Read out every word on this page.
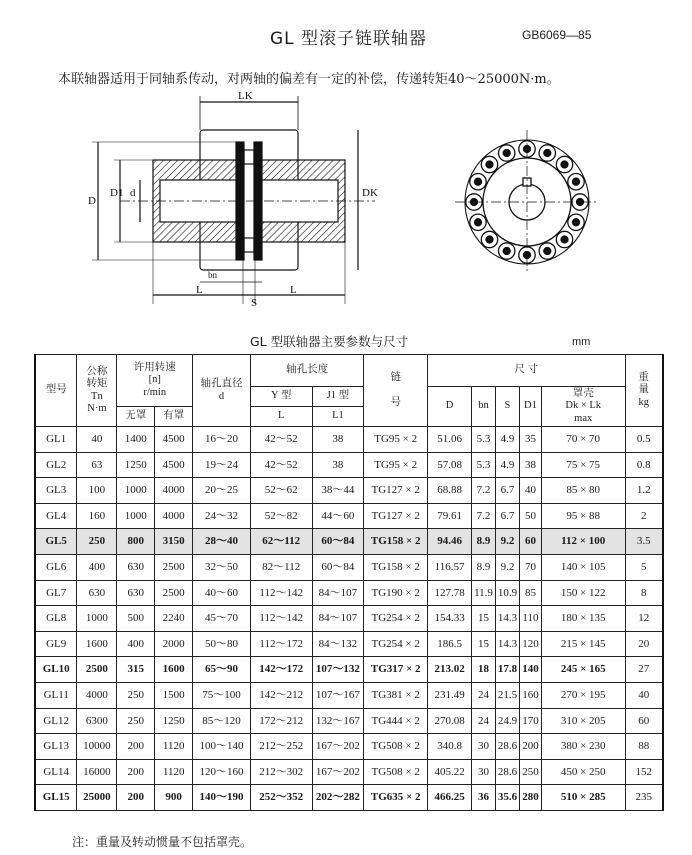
GL 型滚子链联轴器	GB6069—85
本联轴器适用于同轴系传动，对两轴的偏差有一定的补偿，传递转矩40～25000N·m。
LK
D
D1 d	DK
bn
L
S
L
GL 型联轴器主要参数与尺寸	mm
型号	公称
转矩
Tn
N·m	许用转速
[n]
r/min		轴孔直径
d	轴孔长度		链

号	尺 寸					重
量
kg
					Y 型	J1 型		D	bn	S	D1	罩壳
Dk × Lk
max	
		无罩	有罩		L	L1							
GL1	40	1400	4500	16～20	42～52	38	TG95 × 2	51.06	5.3	4.9	35	70 × 70	0.5
GL2	63	1250	4500	19～24	42～52	38	TG95 × 2	57.08	5.3	4.9	38	75 × 75	0.8
GL3	100	1000	4000	20～25	52～62	38～44	TG127 × 2	68.88	7.2	6.7	40	85 × 80	1.2
GL4	160	1000	4000	24～32	52～82	44～60	TG127 × 2	79.61	7.2	6.7	50	95 × 88	2
GL5	250	800	3150	28～40	62～112	60～84	TG158 × 2	94.46	8.9	9.2	60	112 × 100	3.5
GL6	400	630	2500	32～50	82～112	60～84	TG158 × 2	116.57	8.9	9.2	70	140 × 105	5
GL7	630	630	2500	40～60	112～142	84～107	TG190 × 2	127.78	11.9	10.9	85	150 × 122	8
GL8	1000	500	2240	45～70	112～142	84～107	TG254 × 2	154.33	15	14.3	110	180 × 135	12
GL9	1600	400	2000	50～80	112～172	84～132	TG254 × 2	186.5	15	14.3	120	215 × 145	20
GL10	2500	315	1600	65～90	142～172	107～132	TG317 × 2	213.02	18	17.8	140	245 × 165	27
GL11	4000	250	1500	75～100	142～212	107～167	TG381 × 2	231.49	24	21.5	160	270 × 195	40
GL12	6300	250	1250	85～120	172～212	132～167	TG444 × 2	270.08	24	24.9	170	310 × 205	60
GL13	10000	200	1120	100～140	212～252	167～202	TG508 × 2	340.8	30	28.6	200	380 × 230	88
GL14	16000	200	1120	120～160	212～302	167～202	TG508 × 2	405.22	30	28.6	250	450 × 250	152
GL15	25000	200	900	140～190	252～352	202～282	TG635 × 2	466.25	36	35.6	280	510 × 285	235
注：重量及转动惯量不包括罩壳。
